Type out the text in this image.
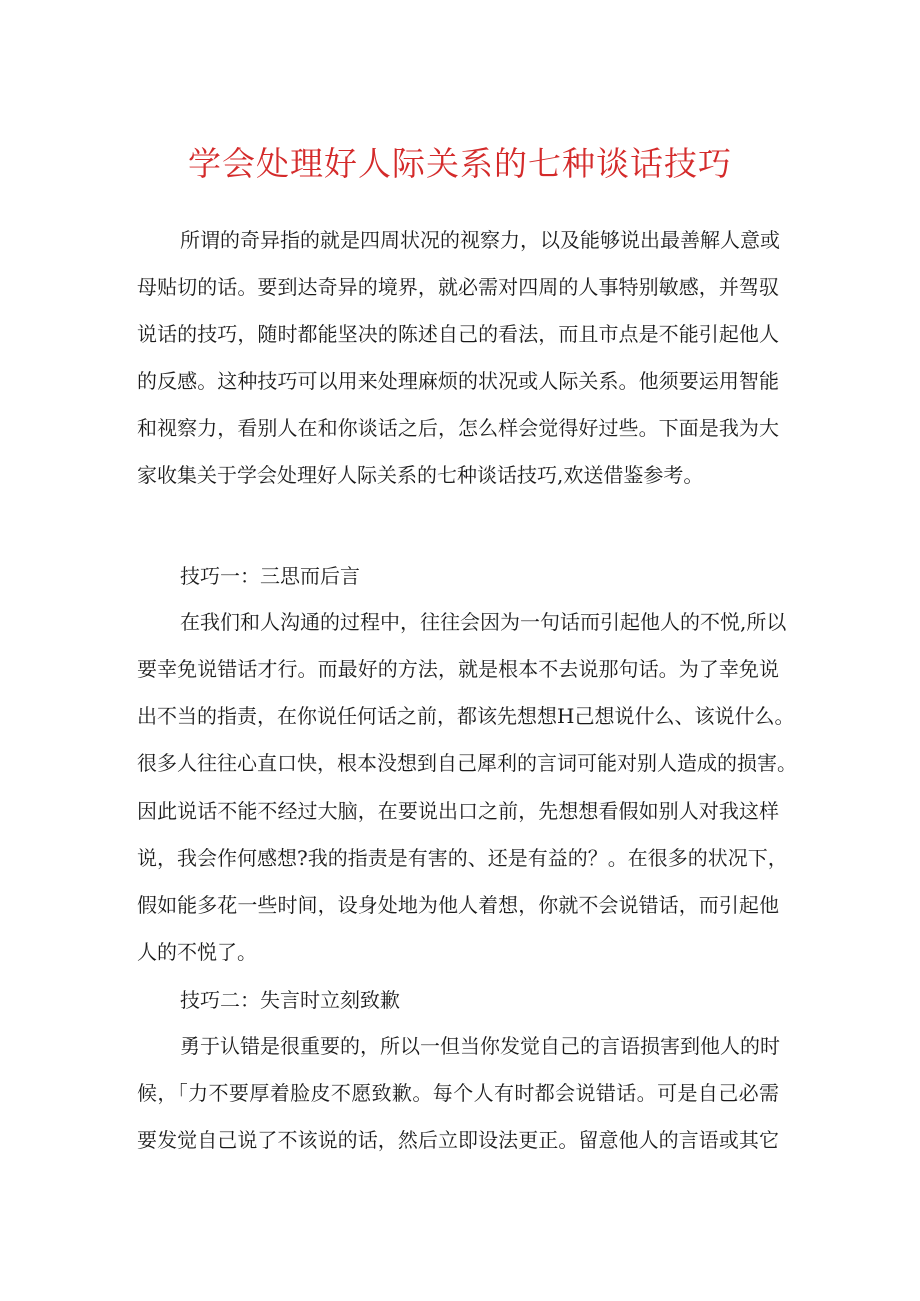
学会处理好人际关系的七种谈话技巧
所谓的奇异指的就是四周状况的视察力，以及能够说出最善解人意或
母贴切的话。要到达奇异的境界，就必需对四周的人事特别敏感，并驾驭
说话的技巧，随时都能坚决的陈述自己的看法，而且市点是不能引起他人
的反感。这种技巧可以用来处理麻烦的状况或人际关系。他须要运用智能
和视察力，看别人在和你谈话之后，怎么样会觉得好过些。下面是我为大
家收集关于学会处理好人际关系的七种谈话技巧,欢送借鉴参考。
技巧一：三思而后言
在我们和人沟通的过程中，往往会因为一句话而引起他人的不悦,所以
要幸免说错话才行。而最好的方法，就是根本不去说那句话。为了幸免说
出不当的指责，在你说任何话之前，都该先想想H己想说什么、该说什么。
很多人往往心直口快，根本没想到自己犀利的言词可能对别人造成的损害。
因此说话不能不经过大脑，在要说出口之前，先想想看假如别人对我这样
说，我会作何感想?我的指责是有害的、还是有益的？。在很多的状况下，
假如能多花一些时间，设身处地为他人着想，你就不会说错话，而引起他
人的不悦了。
技巧二：失言时立刻致歉
勇于认错是很重要的，所以一但当你发觉自己的言语损害到他人的时
候，「力不要厚着脸皮不愿致歉。每个人有时都会说错话。可是自己必需
要发觉自己说了不该说的话，然后立即设法更正。留意他人的言语或其它
